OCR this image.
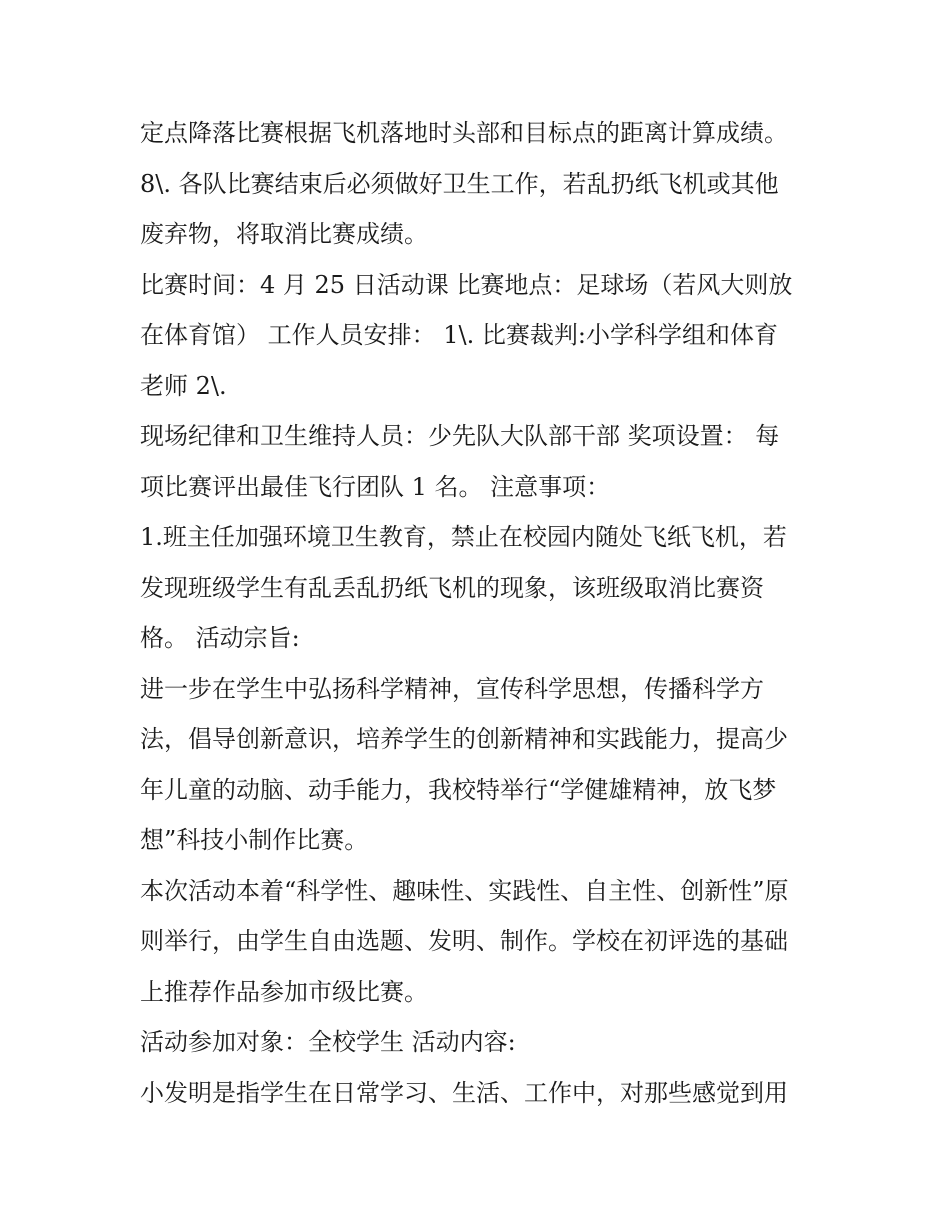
定点降落比赛根据飞机落地时头部和目标点的距离计算成绩。
8\. 各队比赛结束后必须做好卫生工作，若乱扔纸飞机或其他
废弃物，将取消比赛成绩。
比赛时间：4 月 25 日活动课 比赛地点：足球场（若风大则放
在体育馆） 工作人员安排： 1\. 比赛裁判:小学科学组和体育
老师 2\.
现场纪律和卫生维持人员：少先队大队部干部 奖项设置： 每
项比赛评出最佳飞行团队 1 名。 注意事项：
1.班主任加强环境卫生教育，禁止在校园内随处飞纸飞机，若
发现班级学生有乱丢乱扔纸飞机的现象，该班级取消比赛资
格。 活动宗旨:
进一步在学生中弘扬科学精神，宣传科学思想，传播科学方
法，倡导创新意识，培养学生的创新精神和实践能力，提高少
年儿童的动脑、动手能力，我校特举行“学健雄精神，放飞梦
想”科技小制作比赛。
本次活动本着“科学性、趣味性、实践性、自主性、创新性”原
则举行，由学生自由选题、发明、制作。学校在初评选的基础
上推荐作品参加市级比赛。
活动参加对象：全校学生 活动内容:
小发明是指学生在日常学习、生活、工作中，对那些感觉到用
